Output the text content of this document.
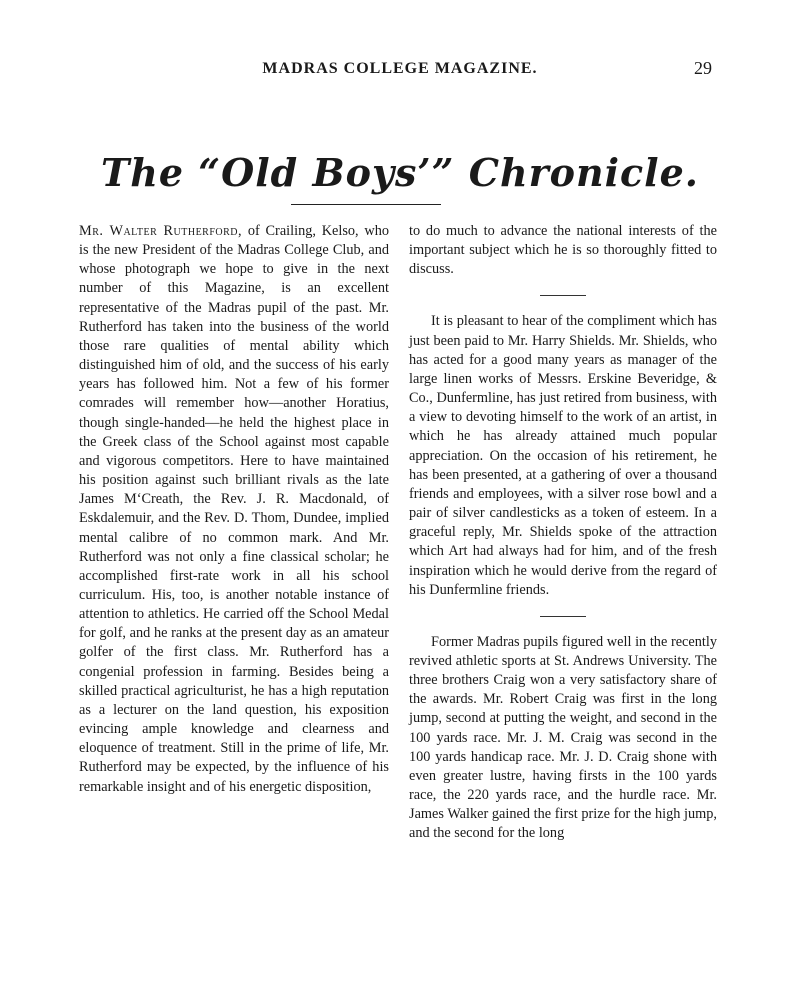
MADRAS COLLEGE MAGAZINE.	29
The “Old Boys’” Chronicle.

Mr. Walter Rutherford, of Crailing, Kelso, who is the new President of the Madras College Club, and whose photograph we hope to give in the next number of this Magazine, is an excellent representative of the Madras pupil of the past. Mr. Rutherford has taken into the business of the world those rare qualities of mental ability which distinguished him of old, and the success of his early years has followed him. Not a few of his former comrades will remember how—another Horatius, though single-handed—he held the highest place in the Greek class of the School against most capable and vigorous competitors. Here to have maintained his position against such brilliant rivals as the late James M‘Creath, the Rev. J. R. Macdonald, of Eskdalemuir, and the Rev. D. Thom, Dundee, implied mental calibre of no common mark. And Mr. Rutherford was not only a fine classical scholar; he accomplished first-rate work in all his school curriculum. His, too, is another notable instance of attention to athletics. He carried off the School Medal for golf, and he ranks at the present day as an amateur golfer of the first class. Mr. Rutherford has a congenial profession in farming. Besides being a skilled practical agriculturist, he has a high reputation as a lecturer on the land question, his exposition evincing ample knowledge and clearness and eloquence of treatment. Still in the prime of life, Mr. Rutherford may be expected, by the influence of his remarkable insight and of his energetic disposition,

to do much to advance the national interests of the important subject which he is so thoroughly fitted to discuss.

It is pleasant to hear of the compliment which has just been paid to Mr. Harry Shields. Mr. Shields, who has acted for a good many years as manager of the large linen works of Messrs. Erskine Beveridge, & Co., Dunfermline, has just retired from business, with a view to devoting himself to the work of an artist, in which he has already attained much popular appreciation. On the occasion of his retirement, he has been presented, at a gathering of over a thousand friends and employees, with a silver rose bowl and a pair of silver candlesticks as a token of esteem. In a graceful reply, Mr. Shields spoke of the attraction which Art had always had for him, and of the fresh inspiration which he would derive from the regard of his Dunfermline friends.

Former Madras pupils figured well in the recently revived athletic sports at St. Andrews University. The three brothers Craig won a very satisfactory share of the awards. Mr. Robert Craig was first in the long jump, second at putting the weight, and second in the 100 yards race. Mr. J. M. Craig was second in the 100 yards handicap race. Mr. J. D. Craig shone with even greater lustre, having firsts in the 100 yards race, the 220 yards race, and the hurdle race. Mr. James Walker gained the first prize for the high jump, and the second for the long
